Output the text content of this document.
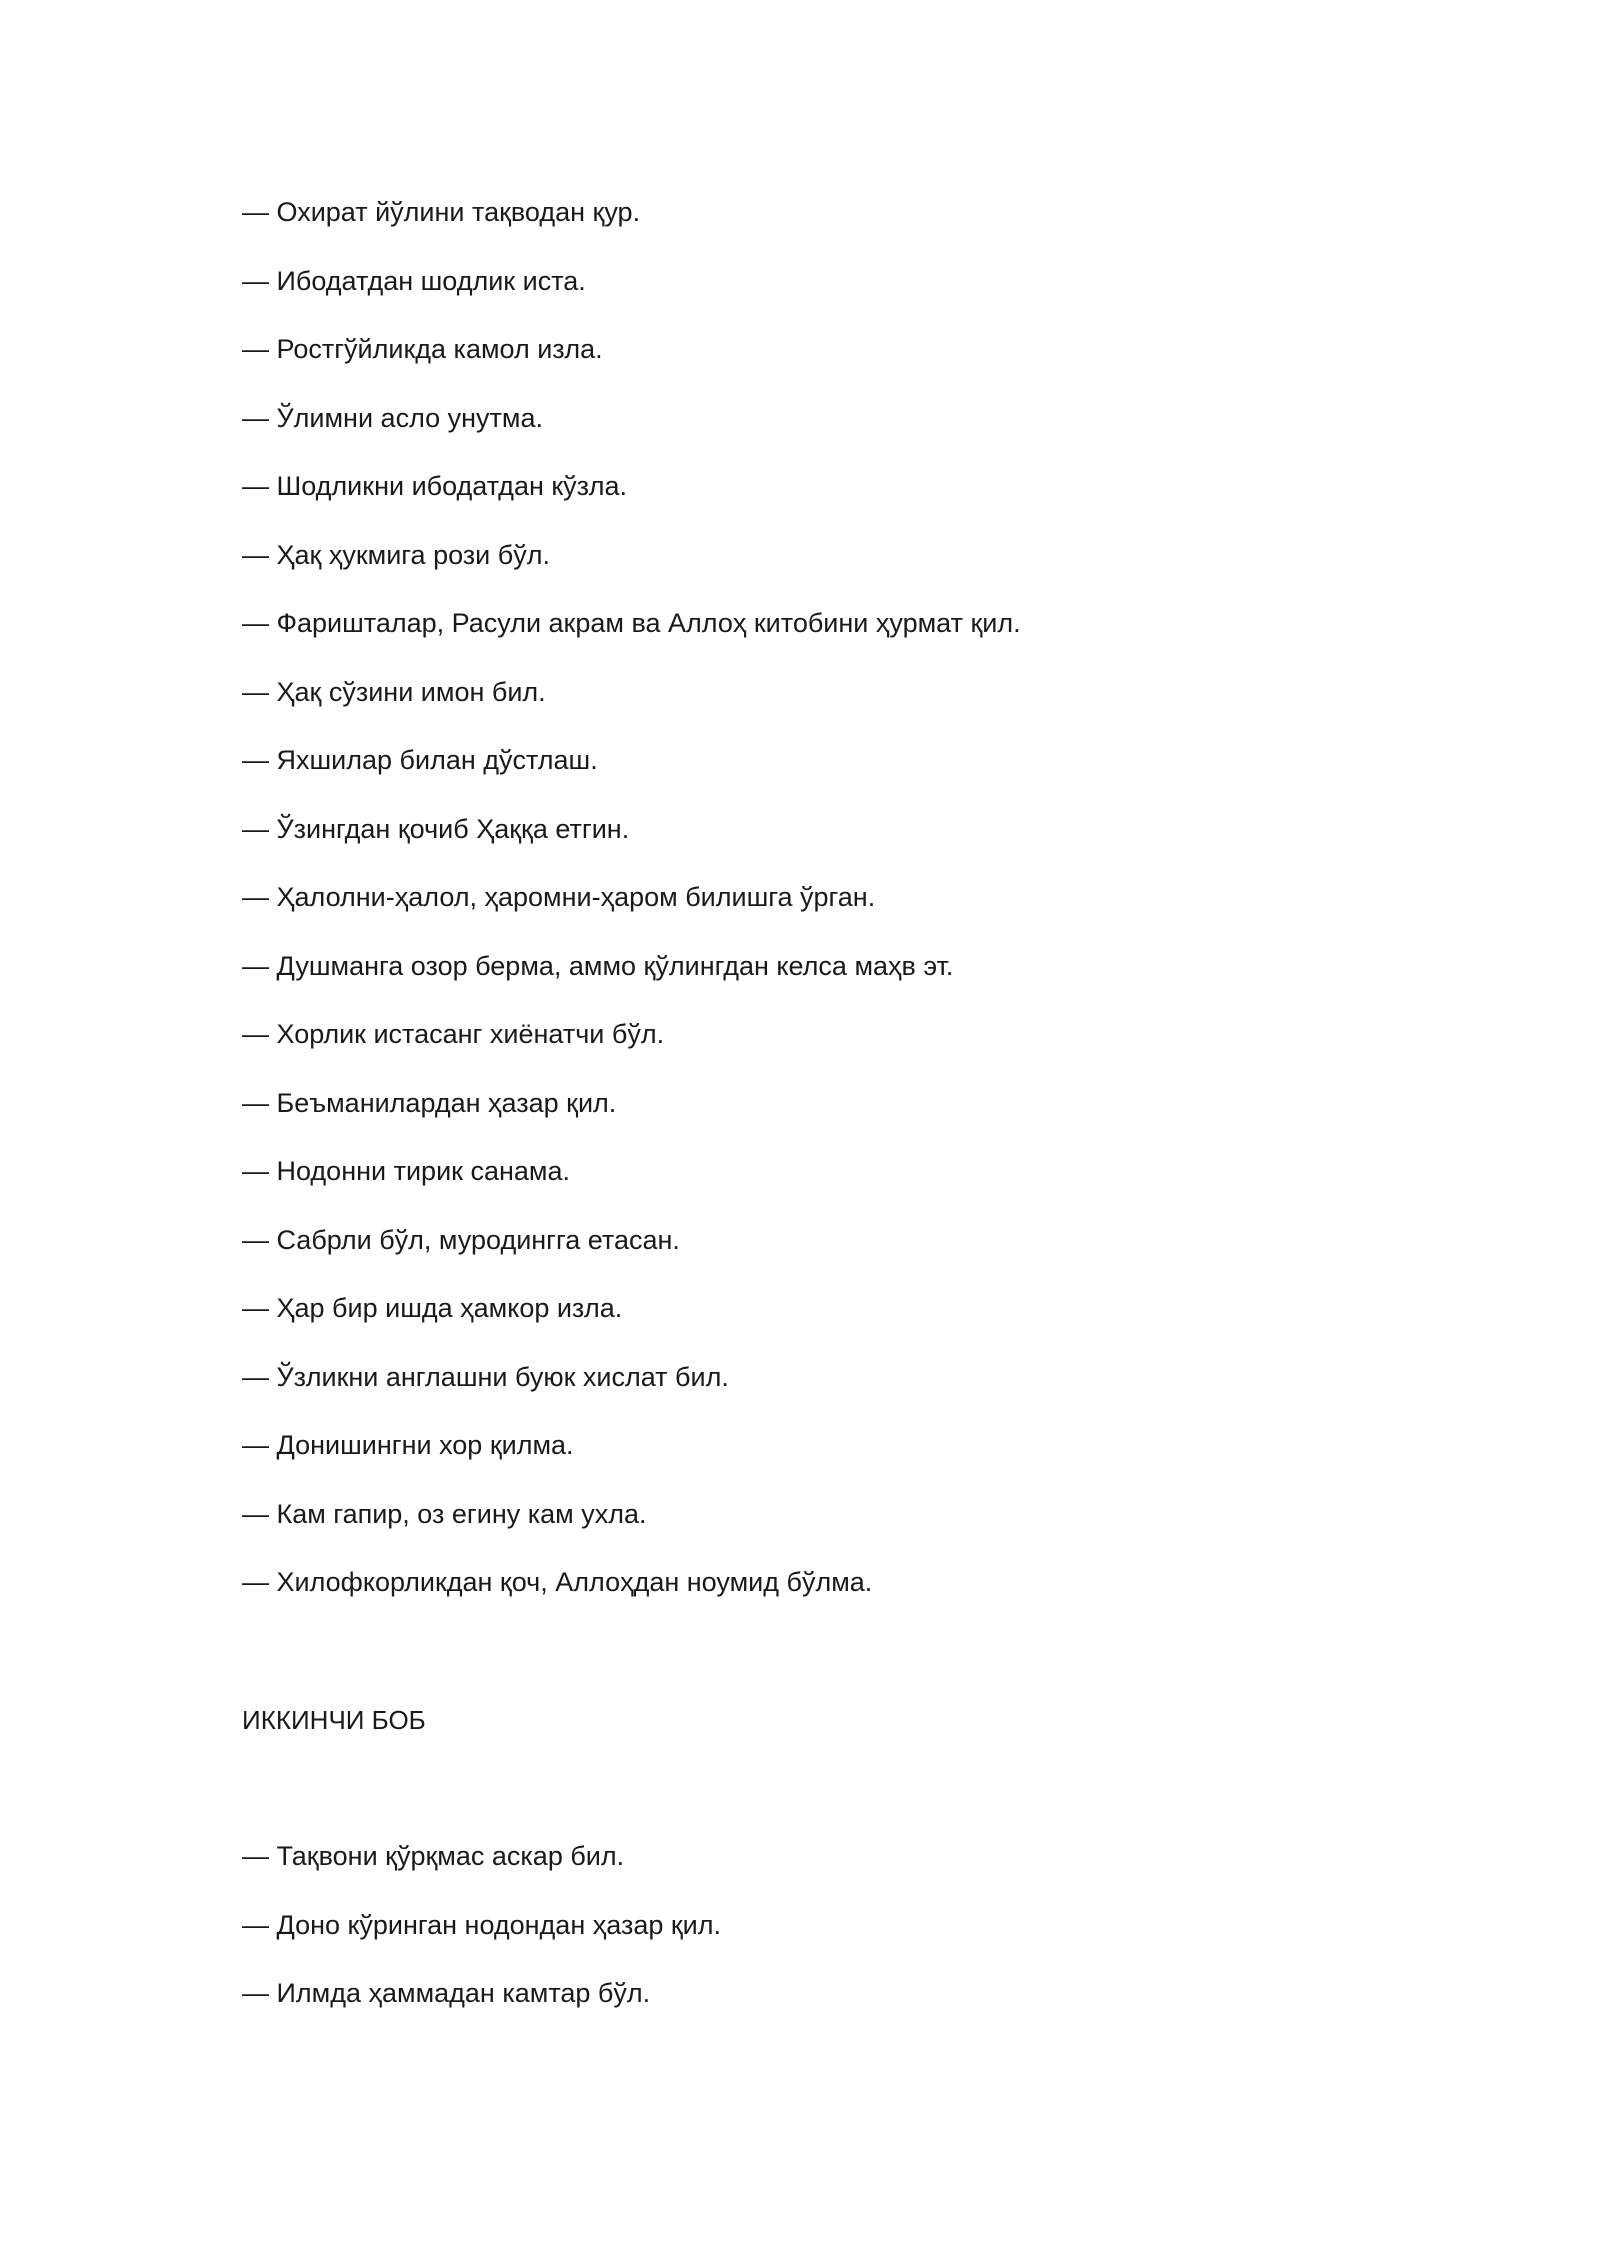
— Охират йўлини тақводан қур.
— Ибодатдан шодлик иста.
— Ростгўйликда камол изла.
— Ўлимни асло унутма.
— Шодликни ибодатдан кўзла.
— Ҳақ ҳукмига рози бўл.
— Фаришталар, Расули акрам ва Аллоҳ китобини ҳурмат қил.
— Ҳақ сўзини имон бил.
— Яхшилар билан дўстлаш.
— Ўзингдан қочиб Ҳаққа етгин.
— Ҳалолни-ҳалол, ҳаромни-ҳаром билишга ўрган.
— Душманга озор берма, аммо қўлингдан келса маҳв эт.
— Хорлик истасанг хиёнатчи бўл.
— Беъманилардан ҳазар қил.
— Нодонни тирик санама.
— Сабрли бўл, муродингга етасан.
— Ҳар бир ишда ҳамкор изла.
— Ўзликни англашни буюк хислат бил.
— Донишингни хор қилма.
— Кам гапир, оз егину кам ухла.
— Хилофкорликдан қоч, Аллоҳдан ноумид бўлма.
ИККИНЧИ БОБ
— Тақвони қўрқмас аскар бил.
— Доно кўринган нодондан ҳазар қил.
— Илмда ҳаммадан камтар бўл.
